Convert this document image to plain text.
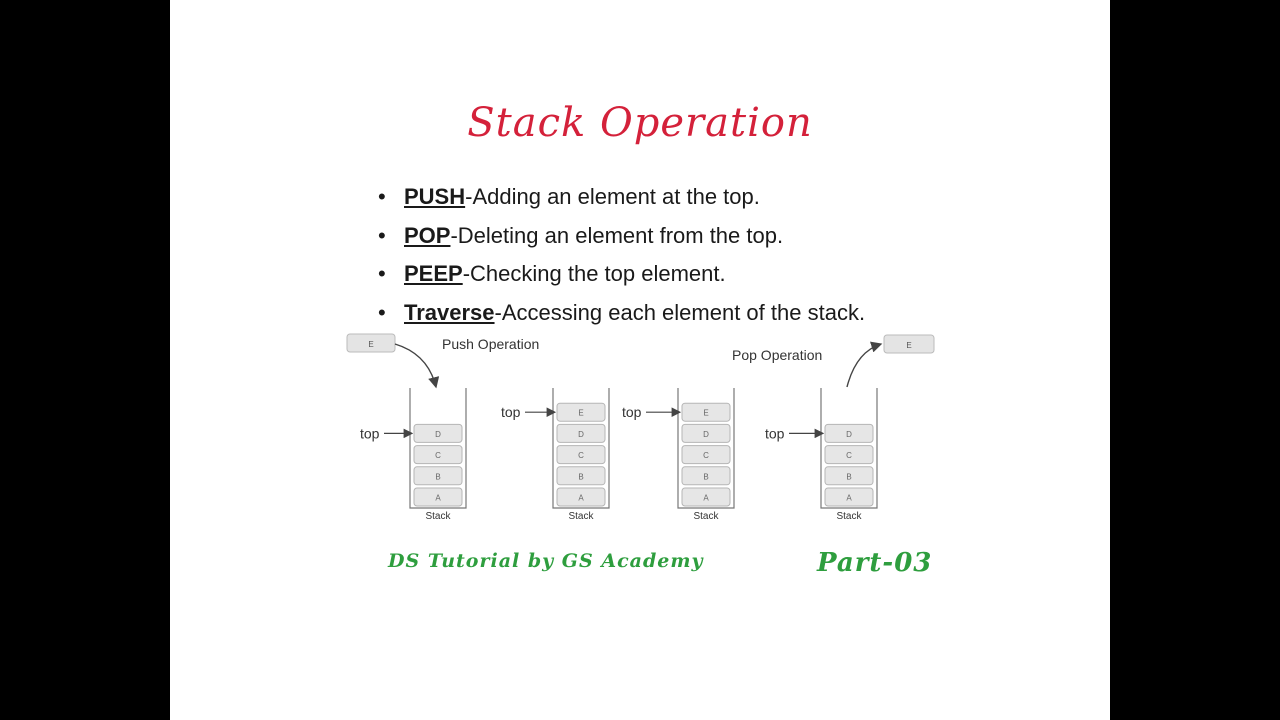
Stack Operation
• PUSH-Adding an element at the top.
• POP-Deleting an element from the top.
• PEEP-Checking the top element.
• Traverse-Accessing each element of the stack.
Push Operation
Pop Operation
E	E
D
C
B
A
Stack
top
E
D
C
B
A
Stack
top	E
D
C
B
A
Stack
top
D
C
B
A
Stack
top
DS Tutorial by GS Academy	Part-03
